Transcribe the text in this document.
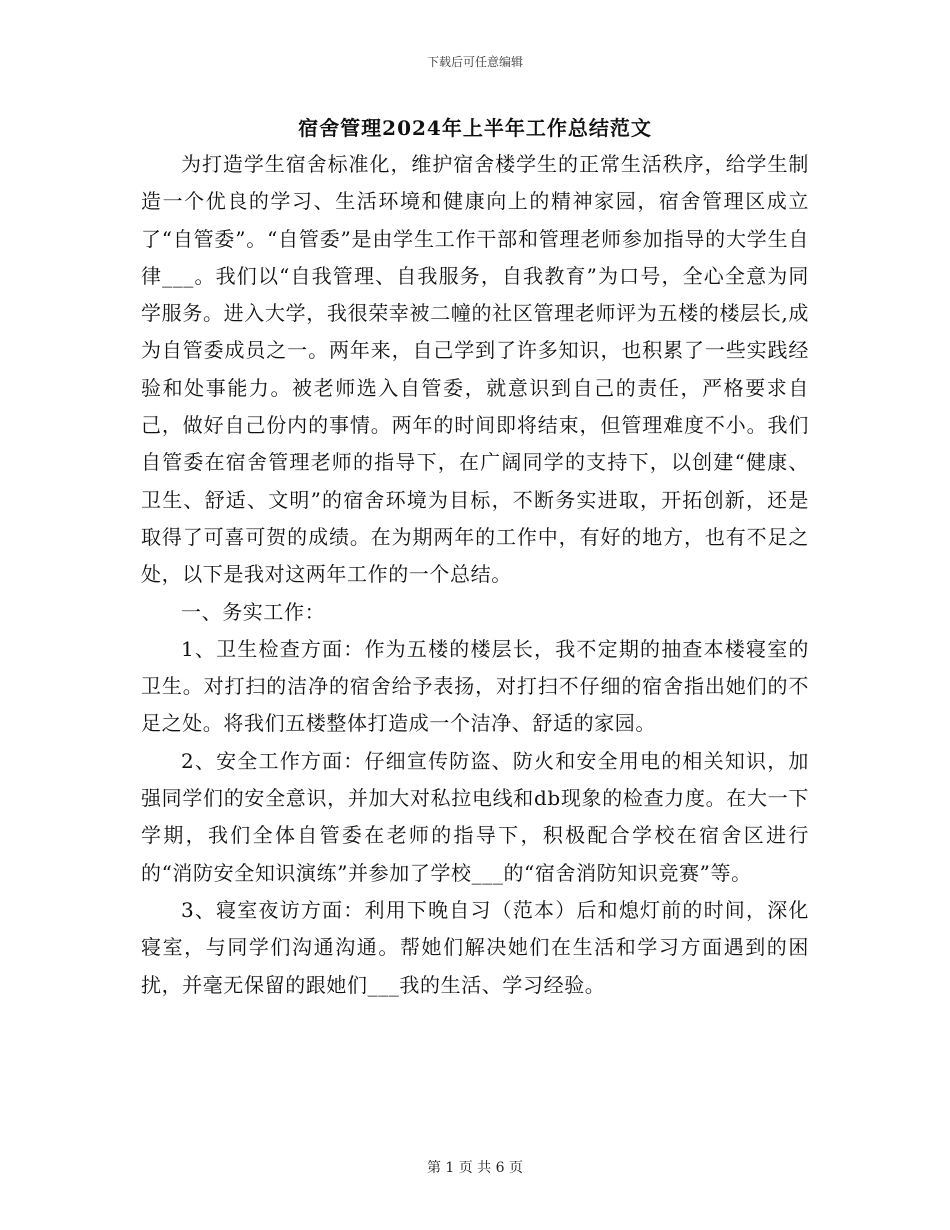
下载后可任意编辑
宿舍管理2024年上半年工作总结范文

为打造学生宿舍标准化，维护宿舍楼学生的正常生活秩序，给学生制造一个优良的学习、生活环境和健康向上的精神家园，宿舍管理区成立了“自管委”。“自管委”是由学生工作干部和管理老师参加指导的大学生自律___。我们以“自我管理、自我服务，自我教育”为口号，全心全意为同学服务。进入大学，我很荣幸被二幢的社区管理老师评为五楼的楼层长,成为自管委成员之一。两年来，自己学到了许多知识，也积累了一些实践经验和处事能力。被老师选入自管委，就意识到自己的责任，严格要求自己，做好自己份内的事情。两年的时间即将结束，但管理难度不小。我们自管委在宿舍管理老师的指导下，在广阔同学的支持下，以创建“健康、卫生、舒适、文明”的宿舍环境为目标，不断务实进取，开拓创新，还是取得了可喜可贺的成绩。在为期两年的工作中，有好的地方，也有不足之处，以下是我对这两年工作的一个总结。

一、务实工作：

1、卫生检查方面：作为五楼的楼层长，我不定期的抽查本楼寝室的卫生。对打扫的洁净的宿舍给予表扬，对打扫不仔细的宿舍指出她们的不足之处。将我们五楼整体打造成一个洁净、舒适的家园。

2、安全工作方面：仔细宣传防盗、防火和安全用电的相关知识，加强同学们的安全意识，并加大对私拉电线和db现象的检查力度。在大一下学期，我们全体自管委在老师的指导下，积极配合学校在宿舍区进行的“消防安全知识演练”并参加了学校___的“宿舍消防知识竞赛”等。

3、寝室夜访方面：利用下晚自习（范本）后和熄灯前的时间，深化寝室，与同学们沟通沟通。帮她们解决她们在生活和学习方面遇到的困扰，并毫无保留的跟她们___我的生活、学习经验。

第 1 页 共 6 页
